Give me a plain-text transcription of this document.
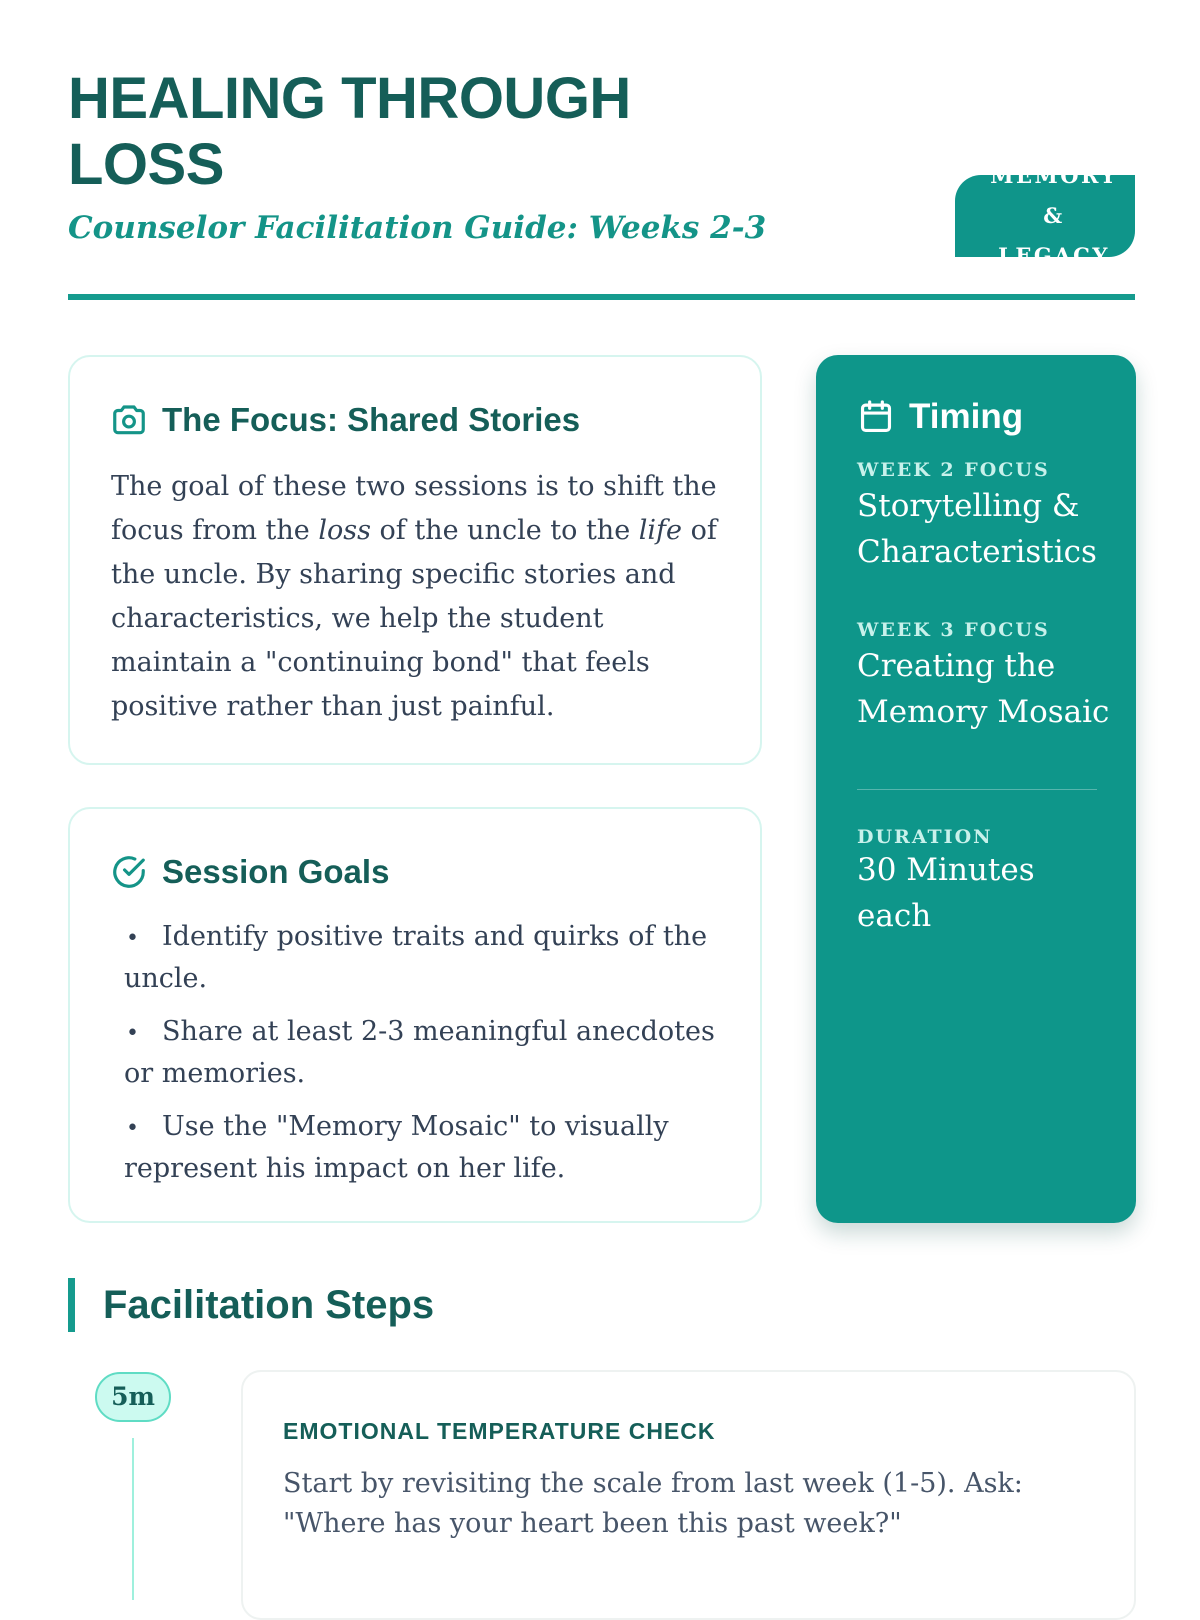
HEALING THROUGH LOSS

Counselor Facilitation Guide: Weeks 2-3

MEMORY &
LEGACY
The Focus: Shared Stories

The goal of these two sessions is to shift the focus from the loss of the uncle to the life of the uncle. By sharing specific stories and characteristics, we help the student maintain a "continuing bond" that feels positive rather than just painful.

Session Goals
• Identify positive traits and quirks of the uncle.
• Share at least 2-3 meaningful anecdotes or memories.
• Use the "Memory Mosaic" to visually represent his impact on her life.
Timing
WEEK 2 FOCUS
Storytelling & Characteristics
WEEK 3 FOCUS
Creating the Memory Mosaic
DURATION
30 Minutes each
Facilitation Steps
5m
EMOTIONAL TEMPERATURE CHECK

Start by revisiting the scale from last week (1-5). Ask: "Where has your heart been this past week?"
